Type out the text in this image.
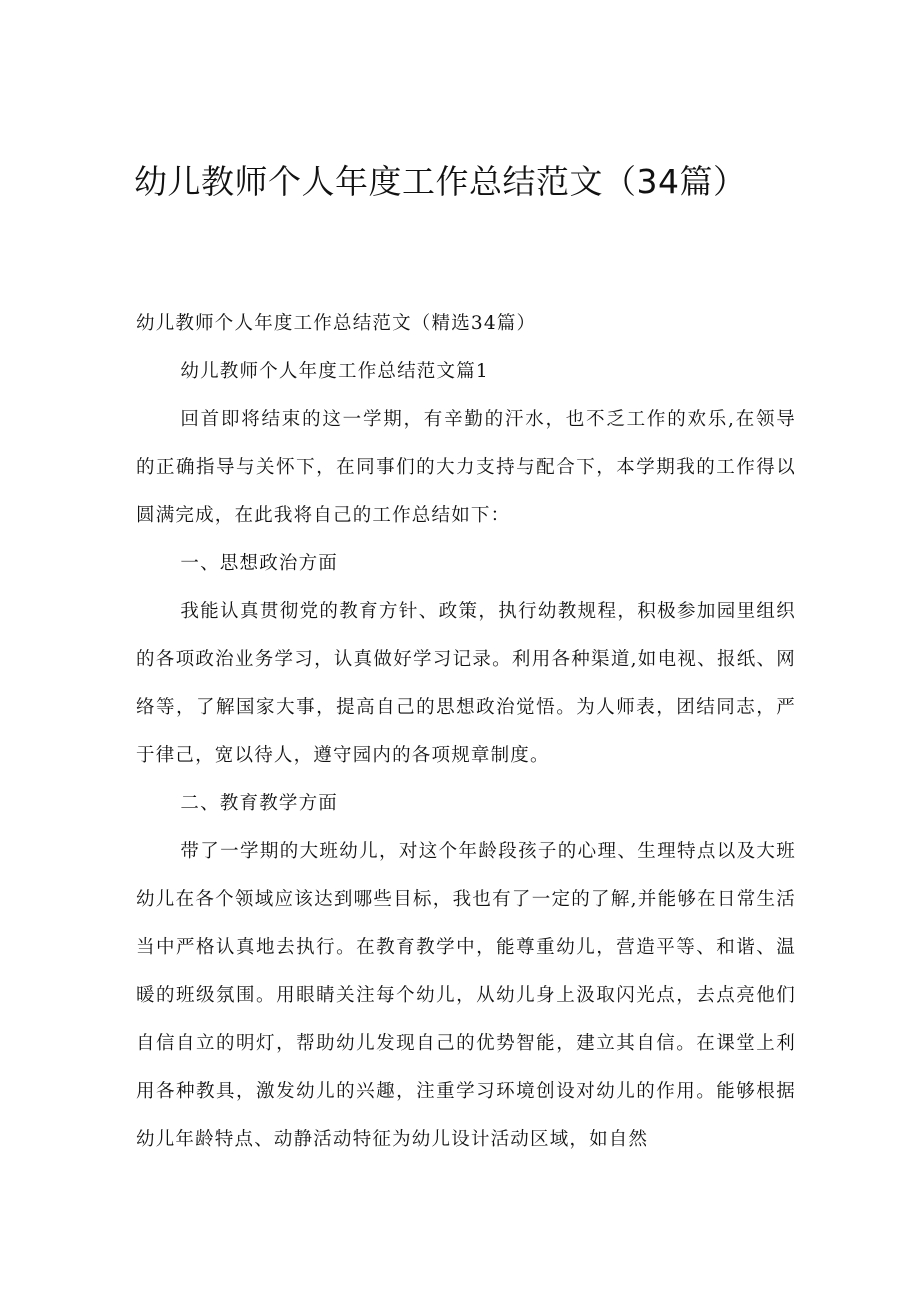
幼儿教师个人年度工作总结范文（34篇）

幼儿教师个人年度工作总结范文（精选34篇）

幼儿教师个人年度工作总结范文篇1

回首即将结束的这一学期，有辛勤的汗水，也不乏工作的欢乐,在领导的正确指导与关怀下，在同事们的大力支持与配合下，本学期我的工作得以圆满完成，在此我将自己的工作总结如下：

一、思想政治方面

我能认真贯彻党的教育方针、政策，执行幼教规程，积极参加园里组织的各项政治业务学习，认真做好学习记录。利用各种渠道,如电视、报纸、网络等，了解国家大事，提高自己的思想政治觉悟。为人师表，团结同志，严于律己，宽以待人，遵守园内的各项规章制度。

二、教育教学方面

带了一学期的大班幼儿，对这个年龄段孩子的心理、生理特点以及大班幼儿在各个领域应该达到哪些目标，我也有了一定的了解,并能够在日常生活当中严格认真地去执行。在教育教学中，能尊重幼儿，营造平等、和谐、温暖的班级氛围。用眼睛关注每个幼儿，从幼儿身上汲取闪光点，去点亮他们自信自立的明灯，帮助幼儿发现自己的优势智能，建立其自信。在课堂上利用各种教具，激发幼儿的兴趣，注重学习环境创设对幼儿的作用。能够根据幼儿年龄特点、动静活动特征为幼儿设计活动区域，如自然
